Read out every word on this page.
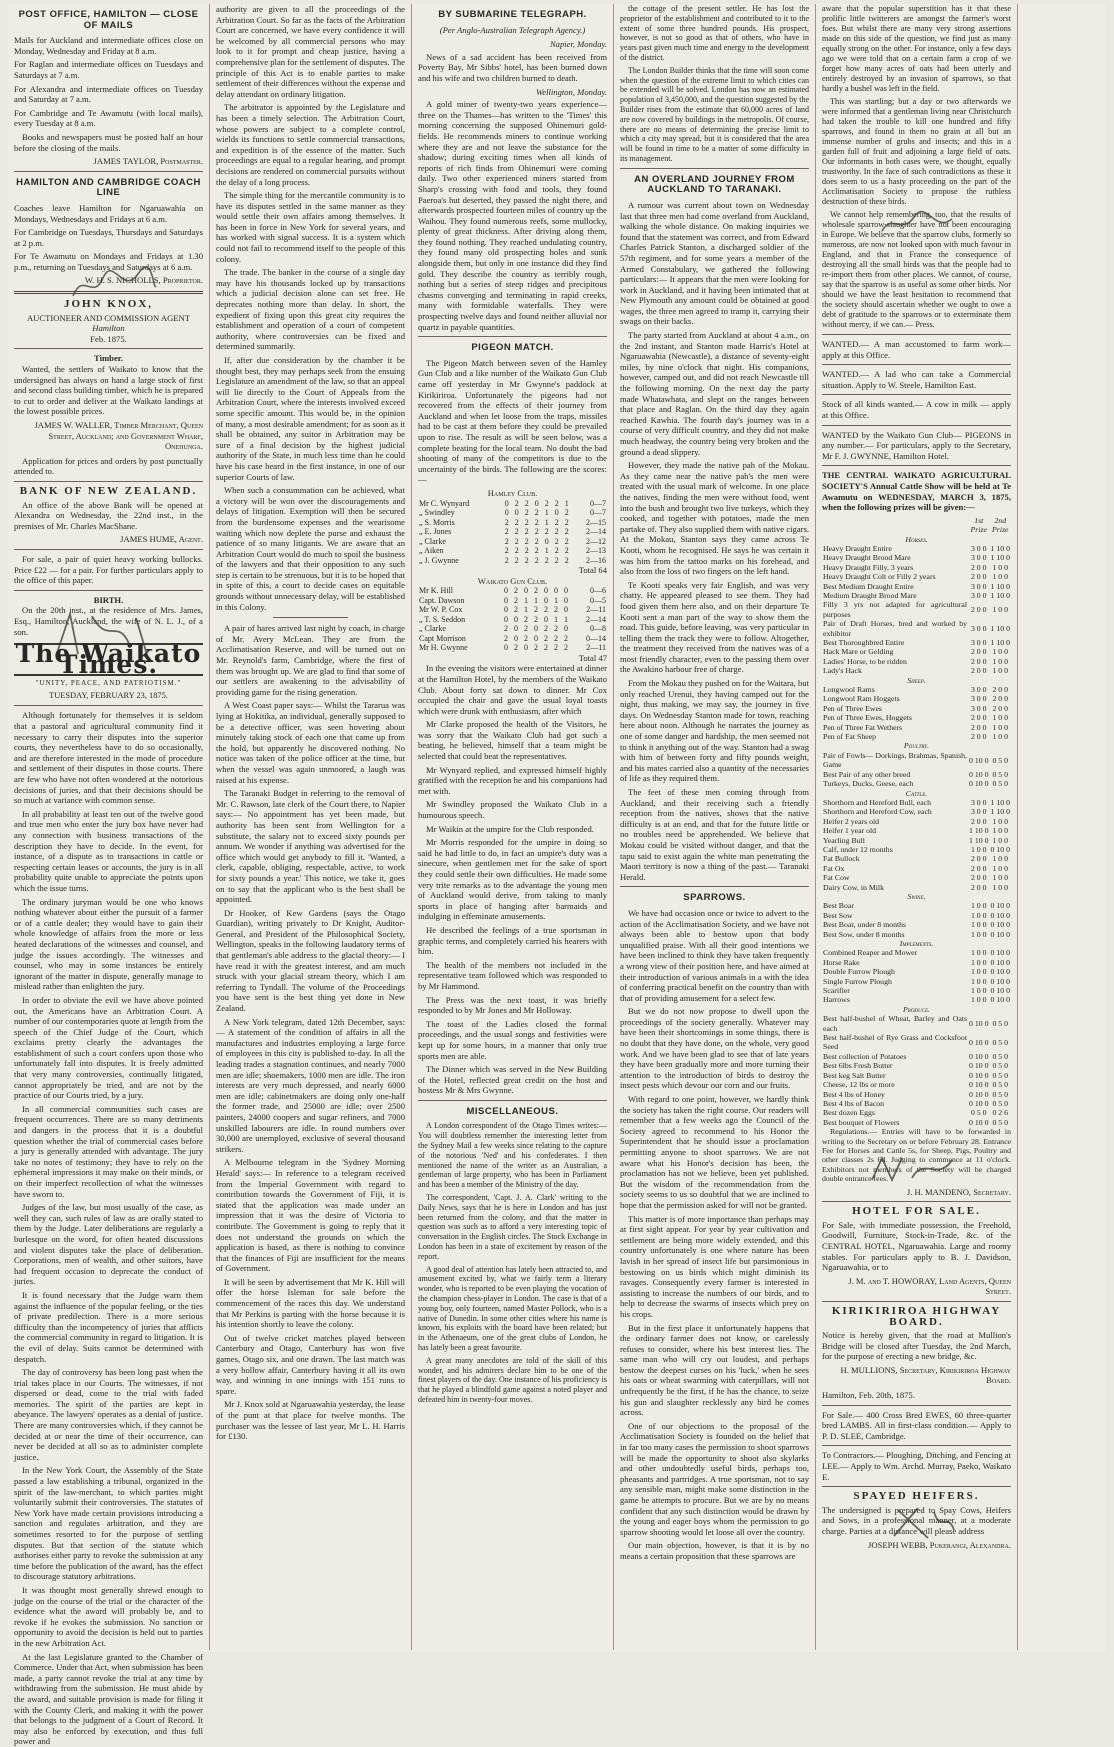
POST OFFICE, HAMILTON — CLOSE OF MAILS

Mails for Auckland and intermediate offices close on Monday, Wednesday and Friday at 8 a.m.

For Raglan and intermediate offices on Tuesdays and Saturdays at 7 a.m.

For Alexandra and intermediate offices on Tuesday and Saturday at 7 a.m.

For Cambridge and Te Awamutu (with local mails), every Tuesday at 8 a.m.

Books and newspapers must be posted half an hour before the closing of the mails.

JAMES TAYLOR, Postmaster.
HAMILTON AND CAMBRIDGE COACH LINE

Coaches leave Hamilton for Ngaruawahia on Mondays, Wednesdays and Fridays at 6 a.m.

For Cambridge on Tuesdays, Thursdays and Saturdays at 2 p.m.

For Te Awamutu on Mondays and Fridays at 1.30 p.m., returning on Tuesdays and Saturdays at 6 a.m.

W. H. S. NICHOLLS, Proprietor.
JOHN KNOX,
AUCTIONEER AND COMMISSION AGENT
Hamilton
Feb. 1875.
Timber.

Wanted, the settlers of Waikato to know that the undersigned has always on hand a large stock of first and second class building timber, which he is prepared to cut to order and deliver at the Waikato landings at the lowest possible prices.

JAMES W. WALLER, Timber Merchant, Queen Street, Auckland; and Government Wharf, Onehunga.

Application for prices and orders by post punctually attended to.

BANK OF NEW ZEALAND.

An office of the above Bank will be opened at Alexandra on Wednesday, the 22nd inst., in the premises of Mr. Charles MacShane.

JAMES HUME, Agent.

For sale, a pair of quiet heavy working bullocks. Price £22 — for a pair. For further particulars apply to the office of this paper.

BIRTH.

On the 20th inst., at the residence of Mrs. James, Esq., Hamilton, Auckland, the wife of N. L. J., of a son.

The Waikato Times.
"UNITY, PEACE, AND PATRIOTISM."
TUESDAY, FEBRUARY 23, 1875.

Although fortunately for themselves it is seldom that a pastoral and agricultural community find it necessary to carry their disputes into the superior courts, they nevertheless have to do so occasionally, and are therefore interested in the mode of procedure and settlement of their disputes in those courts. There are few who have not often wondered at the notorious decisions of juries, and that their decisions should be so much at variance with common sense.

In all probability at least ten out of the twelve good and true men who enter the jury box have never had any connection with business transactions of the description they have to decide. In the event, for instance, of a dispute as to transactions in cattle or respecting certain leases or accounts, the jury is in all probability quite unable to appreciate the points upon which the issue turns.

The ordinary juryman would be one who knows nothing whatever about either the pursuit of a farmer or of a cattle dealer; they would have to gain their whole knowledge of affairs from the more or less heated declarations of the witnesses and counsel, and judge the issues accordingly. The witnesses and counsel, who may in some instances be entirely ignorant of the matter in dispute, generally manage to mislead rather than enlighten the jury.

In order to obviate the evil we have above pointed out, the Americans have an Arbitration Court. A number of our contemporaries quote at length from the speech of the Chief Judge of the Court, which exclaims pretty clearly the advantages the establishment of such a court confers upon those who unfortunately fall into disputes. It is freely admitted that very many controversies, continually litigated, cannot appropriately be tried, and are not by the practice of our Courts tried, by a jury.

In all commercial communities such cases are frequent occurrences. There are so many detriments and dangers in the process that it is a doubtful question whether the trial of commercial cases before a jury is generally attended with advantage. The jury take no notes of testimony; they have to rely on the ephemeral impressions it may make on their minds, or on their imperfect recollection of what the witnesses have sworn to.

Judges of the law, but most usually of the case, as well they can, such rules of law as are orally stated to them by the Judge. Later deliberations are regularly a burlesque on the word, for often heated discussions and violent disputes take the place of deliberation. Corporations, men of wealth, and other suitors, have had frequent occasion to deprecate the conduct of juries.

It is found necessary that the Judge warn them against the influence of the popular feeling, or the ties of private predilection. There is a more serious difficulty than the incompetency of juries that afflicts the commercial community in regard to litigation. It is the evil of delay. Suits cannot be determined with despatch.

The day of controversy has been long past when the trial takes place in our Courts. The witnesses, if not dispersed or dead, come to the trial with faded memories. The spirit of the parties are kept in abeyance. The lawyers' operates as a denial of justice. There are many controversies which, if they cannot be decided at or near the time of their occurrence, can never be decided at all so as to administer complete justice.

In the New York Court, the Assembly of the State passed a law establishing a tribunal, organized in the spirit of the law-merchant, to which parties might voluntarily submit their controversies. The statutes of New York have made certain provisions introducing a sanction and regulates arbitration, and they are sometimes resorted to for the purpose of settling disputes. But that section of the statute which authorises either party to revoke the submission at any time before the publication of the award, has the effect to discourage statutory arbitrations.

It was thought most generally shrewd enough to judge on the course of the trial or the character of the evidence what the award will probably be, and to revoke if he evokes the submission. No sanction or opportunity to avoid the decision is held out to parties in the new Arbitration Act.

At the last Legislature granted to the Chamber of Commerce. Under that Act, when submission has been made, a party cannot revoke the trial at any time by withdrawing from the submission. He must abide by the award, and suitable provision is made for filing it with the County Clerk, and making it with the power that belongs to the judgment of a Court of Record. It may also be enforced by execution, and thus full power and

authority are given to all the proceedings of the Arbitration Court. So far as the facts of the Arbitration Court are concerned, we have every confidence it will be welcomed by all commercial persons who may look to it for prompt and cheap justice, having a comprehensive plan for the settlement of disputes. The principle of this Act is to enable parties to make settlement of their differences without the expense and delay attendant on ordinary litigation.

The arbitrator is appointed by the Legislature and has been a timely selection. The Arbitration Court, whose powers are subject to a complete control, wields its functions to settle commercial transactions, and expedition is of the essence of the matter. Such proceedings are equal to a regular hearing, and prompt decisions are rendered on commercial pursuits without the delay of a long process.

The simple thing for the mercantile community is to have its disputes settled in the same manner as they would settle their own affairs among themselves. It has been in force in New York for several years, and has worked with signal success. It is a system which could not fail to recommend itself to the people of this colony.

The trade. The banker in the course of a single day may have his thousands locked up by transactions which a judicial decision alone can set free. He deprecates nothing more than delay. In short, the expedient of fixing upon this great city requires the establishment and operation of a court of competent authority, where controversies can be fixed and determined summarily.

If, after due consideration by the chamber it be thought best, they may perhaps seek from the ensuing Legislature an amendment of the law, so that an appeal will lie directly to the Court of Appeals from the Arbitration Court, where the interests involved exceed some specific amount. This would be, in the opinion of many, a most desirable amendment; for as soon as it shall be obtained, any suitor in Arbitration may be sure of a final decision by the highest judicial authority of the State, in much less time than he could have his case heard in the first instance, in one of our superior Courts of law.

When such a consummation can be achieved, what a victory will be won over the discouragements and delays of litigation. Exemption will then be secured from the burdensome expenses and the wearisome waiting which now deplete the purse and exhaust the patience of so many litigants. We are aware that an Arbitration Court would do much to spoil the business of the lawyers and that their opposition to any such step is certain to be strenuous, but it is to be hoped that in spite of this, a court to decide cases on equitable grounds without unnecessary delay, will be established in this Colony.

A pair of hares arrived last night by coach, in charge of Mr. Avery McLean. They are from the Acclimatisation Reserve, and will be turned out on Mr. Reynold's farm, Cambridge, where the first of them was brought up. We are glad to find that some of our settlers are awakening to the advisability of providing game for the rising generation.

A West Coast paper says:— Whilst the Tararua was lying at Hokitika, an individual, generally supposed to be a detective officer, was seen hovering about minutely taking stock of each one that came up from the hold, but apparently he discovered nothing. No notice was taken of the police officer at the time, but when the vessel was again unmoored, a laugh was raised at his expense.

The Taranaki Budget in referring to the removal of Mr. C. Rawson, late clerk of the Court there, to Napier says:— No appointment has yet been made, but authority has been sent from Wellington for a substitute, the salary not to exceed sixty pounds per annum. We wonder if anything was advertised for the office which would get anybody to fill it. 'Wanted, a clerk, capable, obliging, respectable, active, to work for sixty pounds a year.' This notice, we take it, goes on to say that the applicant who is the best shall be appointed.

Dr Hooker, of Kew Gardens (says the Otago Guardian), writing privately to Dr Knight, Auditor-General, and President of the Philosophical Society, Wellington, speaks in the following laudatory terms of that gentleman's able address to the glacial theory:— I have read it with the greatest interest, and am much struck with your glacial stream theory, which I am referring to Tyndall. The volume of the Proceedings you have sent is the best thing yet done in New Zealand.

A New York telegram, dated 12th December, says:— A statement of the condition of affairs in all the manufactures and industries employing a large force of employees in this city is published to-day. In all the leading trades a stagnation continues, and nearly 7000 men are idle; shoemakers, 1000 men are idle. The iron interests are very much depressed, and nearly 6000 men are idle; cabinetmakers are doing only one-half the former trade, and 25000 are idle; over 2500 painters, 24000 coopers and sugar refiners, and 7000 unskilled labourers are idle. In round numbers over 30,000 are unemployed, exclusive of several thousand strikers.

A Melbourne telegram in the 'Sydney Morning Herald' says:— In reference to a telegram received from the Imperial Government with regard to contribution towards the Government of Fiji, it is stated that the application was made under an impression that it was the desire of Victoria to contribute. The Government is going to reply that it does not understand the grounds on which the application is based, as there is nothing to convince that the finances of Fiji are insufficient for the means of Government.

It will be seen by advertisement that Mr K. Hill will offer the horse Isleman for sale before the commencement of the races this day. We understand that Mr Perkins is parting with the horse because it is his intention shortly to leave the colony.

Out of twelve cricket matches played between Canterbury and Otago, Canterbury has won five games, Otago six, and one drawn. The last match was a very hollow affair, Canterbury having it all its own way, and winning in one innings with 151 runs to spare.

Mr J. Knox sold at Ngaruawahia yesterday, the lease of the punt at that place for twelve months. The purchaser was the lessee of last year, Mr L. H. Harris for £130.

BY SUBMARINE TELEGRAPH.
(Per Anglo-Australian Telegraph Agency.)
Napier, Monday.

News of a sad accident has been received from Poverty Bay, Mr Sibbs' hotel, has been burned down and his wife and two children burned to death.

Wellington, Monday.

A gold miner of twenty-two years experience—three on the Thames—has written to the 'Times' this morning concerning the supposed Ohinemuri gold-fields. He recommends miners to continue working where they are and not leave the substance for the shadow; during exciting times when all kinds of reports of rich finds from Ohinemuri were coming daily. Two other experienced miners started from Sharp's crossing with food and tools, they found Paeroa's hut deserted, they passed the night there, and afterwards prospected fourteen miles of country up the Waihou. They found numerous reefs, some mullocky, plenty of great thickness. After driving along them, they found nothing. They reached undulating country, they found many old prospecting holes and sunk alongside them, but only in one instance did they find gold. They describe the country as terribly rough, nothing but a series of steep ridges and precipitous chasms converging and terminating in rapid creeks, many with formidable waterfalls. They were prospecting twelve days and found neither alluvial nor quartz in payable quantities.

PIGEON MATCH.

The Pigeon Match between seven of the Hamley Gun Club and a like number of the Waikato Gun Club came off yesterday in Mr Gwynne's paddock at Kirikiriroa. Unfortunately the pigeons had not recovered from the effects of their journey from Auckland and when let loose from the traps, missiles had to be cast at them before they could be prevailed upon to rise. The result as will be seen below, was a complete beating for the local team. No doubt the bad shooting of many of the competitors is due to the uncertainty of the birds. The following are the scores:—

Hamley Club.
Mr C. Wynyard	0	2	2	0	2	2	1	0—7
„ Swindley	0	0	2	2	1	0	2	0—7
„ S. Morris	2	2	2	2	1	2	2	2—15
„ E. Jones	2	2	2	2	2	2	2	2—14
„ Clarke	2	2	2	2	0	2	2	2—12
„ Aiken	2	2	2	2	1	2	2	2—13
„ J. Gwynne	2	2	2	2	2	2	2	2—16
Total 64
Waikato Gun Club.
Mr K. Hill	0	2	0	2	0	0	0	0—6
Capt. Dawson	0	2	1	1	0	1	0	0—5
Mr W. P. Cox	0	2	1	2	2	2	0	2—11
„ T. S. Seddon	0	0	2	2	0	1	1	2—14
„ Clarke	2	0	2	0	2	2	0	0—8
Capt Morrison	2	0	2	0	2	2	2	0—14
Mr H. Gwynne	0	2	0	2	2	2	2	2—11
Total 47

In the evening the visitors were entertained at dinner at the Hamilton Hotel, by the members of the Waikato Club. About forty sat down to dinner. Mr Cox occupied the chair and gave the usual loyal toasts which were drunk with enthusiasm, after which

Mr Clarke proposed the health of the Visitors, he was sorry that the Waikato Club had got such a beating, he believed, himself that a team might be selected that could beat the representatives.

Mr Wynyard replied, and expressed himself highly gratified with the reception he and his companions had met with.

Mr Swindley proposed the Waikato Club in a humourous speech.

Mr Waikin at the umpire for the Club responded.

Mr Morris responded for the umpire in doing so said he had little to do, in fact an umpire's duty was a sinecure, when gentlemen met for the sake of sport they could settle their own difficulties. He made some very trite remarks as to the advantage the young men of Auckland would derive, from taking to manly sports in place of hanging after barmaids and indulging in effeminate amusements.

He described the feelings of a true sportsman in graphic terms, and completely carried his hearers with him.

The health of the members not included in the representative team followed which was responded to by Mr Hammond.

The Press was the next toast, it was briefly responded to by Mr Jones and Mr Holloway.

The toast of the Ladies closed the formal proceedings, and the usual songs and festivities were kept up for some hours, in a manner that only true sports men are able.

The Dinner which was served in the New Building of the Hotel, reflected great credit on the host and hostess Mr & Mrs Gwynne.

MISCELLANEOUS.

A London correspondent of the Otago Times writes:— You will doubtless remember the interesting letter from the Sydney Mail a few weeks since relating to the capture of the notorious 'Ned' and his confederates. I then mentioned the name of the writer as an Australian, a gentleman of large property, who has been in Parliament and has been a member of the Ministry of the day.

The correspondent, 'Capt. J. A. Clark' writing to the Daily News, says that he is here in London and has just been returned from the colony, and that the matter in question was such as to afford a very interesting topic of conversation in the English circles. The Stock Exchange in London has been in a state of excitement by reason of the report.

A good deal of attention has lately been attracted to, and amusement excited by, what we fairly term a literary wonder, who is reported to be even playing the vocation of the champion chess-player in London. The case is that of a young boy, only fourteen, named Master Pollock, who is a native of Dunedin. In some other cities where his name is known, his exploits with the board have been related; but in the Athenaeum, one of the great clubs of London, he has lately been a great favourite.

A great many anecdotes are told of the skill of this wonder, and his admirers declare him to be one of the finest players of the day. One instance of his proficiency is that he played a blindfold game against a noted player and defeated him in twenty-four moves.

the cottage of the present settler. He has lost the proprietor of the establishment and contributed to it to the extent of some three hundred pounds. His prospect, however, is not so good as that of others, who have in years past given much time and energy to the development of the district.

The London Builder thinks that the time will soon come when the question of the extreme limit to which cities can be extended will be solved. London has now an estimated population of 3,450,000, and the question suggested by the Builder rises from the estimate that 60,000 acres of land are now covered by buildings in the metropolis. Of course, there are no means of determining the precise limit to which a city may spread, but it is considered that the area will be found in time to be a matter of some difficulty in its management.

AN OVERLAND JOURNEY FROM AUCKLAND TO TARANAKI.

A rumour was current about town on Wednesday last that three men had come overland from Auckland, walking the whole distance. On making inquiries we found that the statement was correct, and from Edward Charles Patrick Stanton, a discharged soldier of the 57th regiment, and for some years a member of the Armed Constabulary, we gathered the following particulars:— It appears that the men were looking for work in Auckland, and it having been intimated that at New Plymouth any amount could be obtained at good wages, the three men agreed to tramp it, carrying their swags on their backs.

The party started from Auckland at about 4 a.m., on the 2nd instant, and Stanton made Harris's Hotel at Ngaruawahia (Newcastle), a distance of seventy-eight miles, by nine o'clock that night. His companions, however, camped out, and did not reach Newcastle till the following morning. On the next day the party made Whatawhata, and slept on the ranges between that place and Raglan. On the third day they again reached Kawhia. The fourth day's journey was in a course of very difficult country, and they did not make much headway, the country being very broken and the ground a dead slippery.

However, they made the native pah of the Mokau. As they came near the native pah's the men were treated with the usual mark of welcome. In one place the natives, finding the men were without food, went into the bush and brought two live turkeys, which they cooked, and together with potatoes, made the men partake of. They also supplied them with native cigars. At the Mokau, Stanton says they came across Te Kooti, whom he recognised. He says he was certain it was him from the tattoo marks on his forehead, and also from the loss of two fingers on the left hand.

Te Kooti speaks very fair English, and was very chatty. He appeared pleased to see them. They had food given them here also, and on their departure Te Kooti sent a man part of the way to show them the road. This guide, before leaving, was very particular in telling them the track they were to follow. Altogether, the treatment they received from the natives was of a most friendly character, even to the passing them over the Awakino harbour free of charge.

From the Mokau they pushed on for the Waitara, but only reached Urenui, they having camped out for the night, thus making, we may say, the journey in five days. On Wednesday Stanton made for town, reaching here about noon. Although he narrates the journey as one of some danger and hardship, the men seemed not to think it anything out of the way. Stanton had a swag with him of between forty and fifty pounds weight, and his mates carried also a quantity of the necessaries of life as they required them.

The feet of these men coming through from Auckland, and their receiving such a friendly reception from the natives, shows that the native difficulty is at an end, and that for the future little or no troubles need be apprehended. We believe that Mokau could be visited without danger, and that the tapu said to exist again the white man penetrating the Maori territory is now a thing of the past.— Taranaki Herald.

SPARROWS.

We have had occasion once or twice to advert to the action of the Acclimatisation Society, and we have not always been able to bestow upon that body unqualified praise. With all their good intentions we have been inclined to think they have taken frequently a wrong view of their position here, and have aimed at their introduction of various animals in a with the idea of conferring practical benefit on the country than with that of providing amusement for a select few.

But we do not now propose to dwell upon the proceedings of the society generally. Whatever may have been their shortcomings in some things, there is no doubt that they have done, on the whole, very good work. And we have been glad to see that of late years they have been gradually more and more turning their attention to the introduction of birds to destroy the insect pests which devour our corn and our fruits.

With regard to one point, however, we hardly think the society has taken the right course. Our readers will remember that a few weeks ago the Council of the Society agreed to recommend to his Honor the Superintendent that he should issue a proclamation permitting anyone to shoot sparrows. We are not aware what his Honor's decision has been, the proclamation has not we believe, been yet published. But the wisdom of the recommendation from the society seems to us so doubtful that we are inclined to hope that the permission asked for will not be granted.

This matter is of more importance than perhaps may at first sight appear. For year by year cultivation and settlement are being more widely extended, and this country unfortunately is one where nature has been lavish in her spread of insect life but parsimonious in bestowing on us birds which might diminish its ravages. Consequently every farmer is interested in assisting to increase the numbers of our birds, and to help to decrease the swarms of insects which prey on his crops.

But in the first place it unfortunately happens that the ordinary farmer does not know, or carelessly refuses to consider, where his best interest lies. The same man who will cry out loudest, and perhaps bestow the deepest curses on his 'luck,' when he sees his oats or wheat swarming with caterpillars, will not unfrequently be the first, if he has the chance, to seize his gun and slaughter recklessly any bird he comes across.

One of our objections to the proposal of the Acclimatisation Society is founded on the belief that in far too many cases the permission to shoot sparrows will be made the opportunity to shoot also skylarks and other undoubtedly useful birds, perhaps too, pheasants and partridges. A true sportsman, not to say any sensible man, might make some distinction in the game he attempts to procure. But we are by no means confident that any such distinction would be drawn by the young and eager boys whom the permission to go sparrow shooting would let loose all over the country.

Our main objection, however, is that it is by no means a certain proposition that these sparrows are

aware that the popular superstition has it that these prolific little twitterers are amongst the farmer's worst foes. But whilst there are many very strong assertions made on this side of the question, we find just as many equally strong on the other. For instance, only a few days ago we were told that on a certain farm a crop of we forget how many acres of oats had been utterly and entirely destroyed by an invasion of sparrows, so that hardly a bushel was left in the field.

This was startling; but a day or two afterwards we were informed that a gentleman living near Christchurch had taken the trouble to kill one hundred and fifty sparrows, and found in them no grain at all but an immense number of grubs and insects; and this in a garden full of fruit and adjoining a large field of oats. Our informants in both cases were, we thought, equally trustworthy. In the face of such contradictions as these it does seem to us a hasty proceeding on the part of the Acclimatisation Society to propose the ruthless destruction of these birds.

We cannot help remembering, too, that the results of wholesale sparrow-slaughter have not been encouraging in Europe. We believe that the sparrow clubs, formerly so numerous, are now not looked upon with much favour in England, and that in France the consequence of destroying all the small birds was that the people had to re-import them from other places. We cannot, of course, say that the sparrow is as useful as some other birds. Nor should we have the least hesitation to recommend that the society should ascertain whether we ought to owe a debt of gratitude to the sparrows or to exterminate them without mercy, if we can.— Press.

WANTED.— A man accustomed to farm work— apply at this Office.

WANTED.— A lad who can take a Commercial situation. Apply to W. Steele, Hamilton East.

Stock of all kinds wanted.— A cow in milk — apply at this Office.

WANTED by the Waikato Gun Club— PIGEONS in any number.— For particulars, apply to the Secretary, Mr F. J. GWYNNE, Hamilton Hotel.

THE CENTRAL WAIKATO AGRICULTURAL SOCIETY'S Annual Cattle Show will be held at Te Awamutu on WEDNESDAY, MARCH 3, 1875, when the following prizes will be given:—

	1st Prize	2nd Prize
Horses.		
Heavy Draught Entire	3 0 0	1 10 0
Heavy Draught Brood Mare	3 0 0	1 10 0
Heavy Draught Filly, 3 years	2 0 0	1 0 0
Heavy Draught Colt or Filly 2 years	2 0 0	1 0 0
Best Medium Draught Entire	3 0 0	1 10 0
Medium Draught Brood Mare	3 0 0	1 10 0
Filly 3 yrs not adapted for agricultural purposes	2 0 0	1 0 0
Pair of Draft Horses, bred and worked by exhibitor	3 0 0	1 10 0
Best Thoroughbred Entire	3 0 0	1 10 0
Hack Mare or Gelding	2 0 0	1 0 0
Ladies' Horse, to be ridden	2 0 0	1 0 0
Lady's Hack	2 0 0	1 0 0
Sheep.		
Longwool Rams	3 0 0	2 0 0
Longwool Ram Hoggets	3 0 0	2 0 0
Pen of Three Ewes	3 0 0	2 0 0
Pen of Three Ewes, Hoggets	2 0 0	1 0 0
Pen of Three Fat Wethers	2 0 0	1 0 0
Pen of Fat Sheep	2 0 0	1 0 0
Poultry.		
Pair of Fowls— Dorkings, Brahmas, Spanish, Game	0 10 0	0 5 0
Best Pair of any other breed	0 10 0	0 5 0
Turkeys, Ducks, Geese, each	0 10 0	0 5 0
Cattle.		
Shorthorn and Hereford Bull, each	3 0 0	1 10 0
Shorthorn and Hereford Cow, each	3 0 0	1 10 0
Heifer 2 years old	2 0 0	1 0 0
Heifer 1 year old	1 10 0	1 0 0
Yearling Bull	1 10 0	1 0 0
Calf, under 12 months	1 0 0	0 10 0
Fat Bullock	2 0 0	1 0 0
Fat Ox	2 0 0	1 0 0
Fat Cow	2 0 0	1 0 0
Dairy Cow, in Milk	2 0 0	1 0 0
Swine.		
Best Boar	1 0 0	0 10 0
Best Sow	1 0 0	0 10 0
Best Boar, under 8 months	1 0 0	0 10 0
Best Sow, under 8 months	1 0 0	0 10 0
Implements.		
Combined Reaper and Mower	1 0 0	0 10 0
Horse Rake	1 0 0	0 10 0
Double Furrow Plough	1 0 0	0 10 0
Single Furrow Plough	1 0 0	0 10 0
Scarifier	1 0 0	0 10 0
Harrows	1 0 0	0 10 0
Produce.		
Best half-bushel of Wheat, Barley and Oats each	0 10 0	0 5 0
Best half-bushel of Rye Grass and Cocksfoot Seed	0 10 0	0 5 0
Best collection of Potatoes	0 10 0	0 5 0
Best 6lbs Fresh Butter	0 10 0	0 5 0
Best keg Salt Butter	0 10 0	0 5 0
Cheese, 12 lbs or more	0 10 0	0 5 0
Best 4 lbs of Honey	0 10 0	0 5 0
Best 4 lbs of Bacon	0 10 0	0 5 0
Best dozen Eggs	0 5 0	0 2 6
Best bouquet of Flowers	0 10 0	0 5 0

Regulations.— Entries will have to be forwarded in writing to the Secretary on or before February 28. Entrance Fee for Horses and Cattle 5s, for Sheep, Pigs, Poultry and other classes 2s 6d. Judging to commence at 11 o'clock. Exhibitors not members of the Society will be charged double entrance fees.

J. H. MANDENO, Secretary.
HOTEL FOR SALE.

For Sale, with immediate possession, the Freehold, Goodwill, Furniture, Stock-in-Trade, &c. of the CENTRAL HOTEL, Ngaruawahia. Large and roomy stables. For particulars apply to B. J. Davidson, Ngaruawahia, or to

J. M. and T. HOWORAY, Land Agents, Queen Street.
KIRIKIRIROA HIGHWAY BOARD.

Notice is hereby given, that the road at Mullion's Bridge will be closed after Tuesday, the 2nd March, for the purpose of erecting a new bridge, &c.

H. MULLIONS, Secretary, Kirikiriroa Highway Board.
Hamilton, Feb. 20th, 1875.

For Sale.— 400 Cross Bred EWES, 60 three-quarter bred LAMBS. All in first-class condition.— Apply to P. D. SLEE, Cambridge.

To Contractors.— Ploughing, Ditching, and Fencing at LEE.— Apply to Wm. Archd. Murray, Paeko, Waikato E.

SPAYED HEIFERS.

The undersigned is prepared to Spay Cows, Heifers and Sows, in a professional manner, at a moderate charge. Parties at a distance will please address

JOSEPH WEBB, Pukerangi, Alexandra.
